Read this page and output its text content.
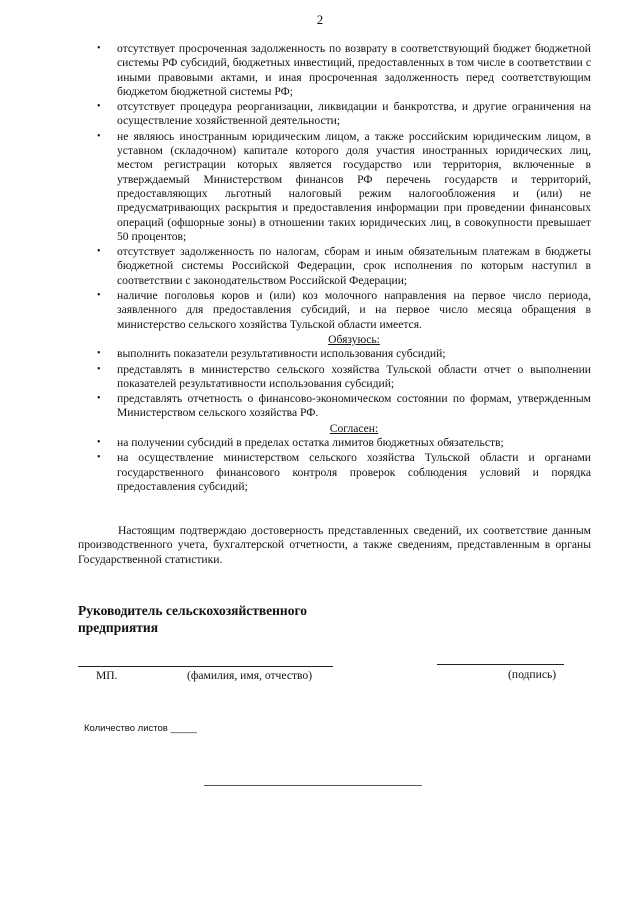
2
• отсутствует просроченная задолженность по возврату в соответствующий бюджет бюджетной системы РФ субсидий, бюджетных инвестиций, предоставленных в том числе в соответствии с иными правовыми актами, и иная просроченная задолженность перед соответствующим бюджетом бюджетной системы РФ;
• отсутствует процедура реорганизации, ликвидации и банкротства, и другие ограничения на осуществление хозяйственной деятельности;
• не являюсь иностранным юридическим лицом, а также российским юридическим лицом, в уставном (складочном) капитале которого доля участия иностранных юридических лиц, местом регистрации которых является государство или территория, включенные в утверждаемый Министерством финансов РФ перечень государств и территорий, предоставляющих льготный налоговый режим налогообложения и (или) не предусматривающих раскрытия и предоставления информации при проведении финансовых операций (офшорные зоны) в отношении таких юридических лиц, в совокупности превышает 50 процентов;
• отсутствует задолженность по налогам, сборам и иным обязательным платежам в бюджеты бюджетной системы Российской Федерации, срок исполнения по которым наступил в соответствии с законодательством Российской Федерации;
• наличие поголовья коров и (или) коз молочного направления на первое число периода, заявленного для предоставления субсидий, и на первое число месяца обращения в министерство сельского хозяйства Тульской области имеется.
Обязуюсь:
• выполнить показатели результативности использования субсидий;
• представлять в министерство сельского хозяйства Тульской области отчет о выполнении показателей результативности использования субсидий;
• представлять отчетность о финансово-экономическом состоянии по формам, утвержденным Министерством сельского хозяйства РФ.
Согласен:
• на получении субсидий в пределах остатка лимитов бюджетных обязательств;
• на осуществление министерством сельского хозяйства Тульской области и органами государственного финансового контроля проверок соблюдения условий и порядка предоставления субсидий;
Настоящим подтверждаю достоверность представленных сведений, их соответствие данным производственного учета, бухгалтерской отчетности, а также сведениям, представленным в органы Государственной статистики.
Руководитель сельскохозяйственного предприятия
МП.	(фамилия, имя, отчество)	(подпись)
Количество листов _____
